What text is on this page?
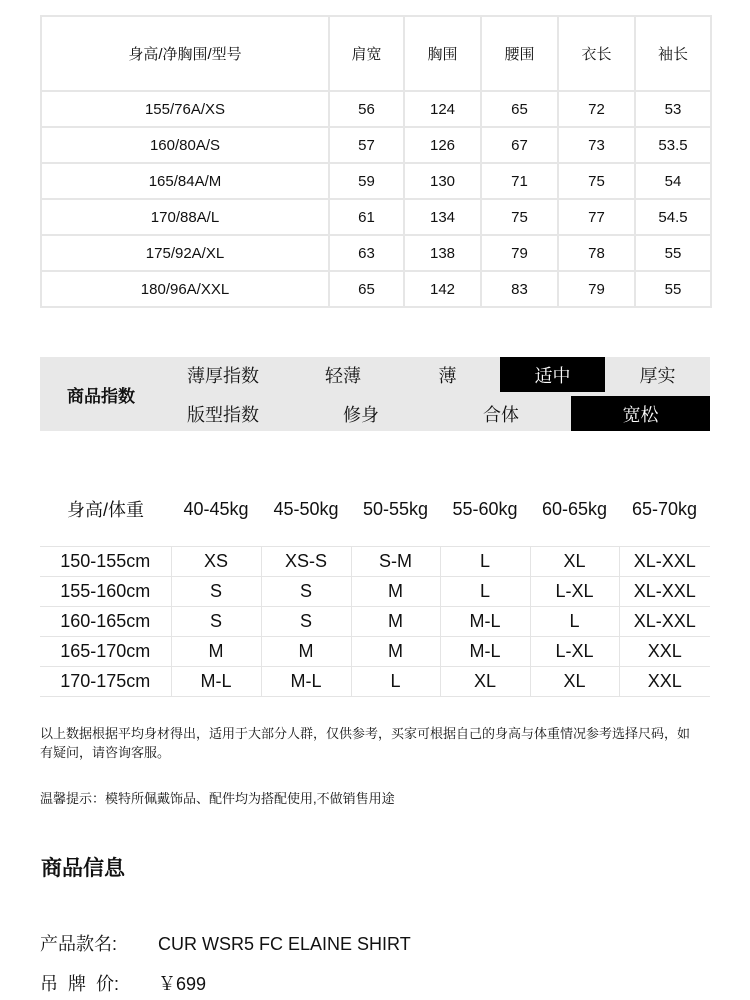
身高/净胸围/型号	肩宽	胸围	腰围	衣长	袖长
155/76A/XS	56	124	65	72	53
160/80A/S	57	126	67	73	53.5
165/84A/M	59	130	71	75	54
170/88A/L	61	134	75	77	54.5
175/92A/XL	63	138	79	78	55
180/96A/XXL	65	142	83	79	55
商品指数
薄厚指数	轻薄	薄	适中	厚实
版型指数	修身	合体	宽松
身高/体重	40-45kg	45-50kg	50-55kg	55-60kg	60-65kg	65-70kg
150-155cm	XS	XS-S	S-M	L	XL	XL-XXL
155-160cm	S	S	M	L	L-XL	XL-XXL
160-165cm	S	S	M	M-L	L	XL-XXL
165-170cm	M	M	M	M-L	L-XL	XXL
170-175cm	M-L	M-L	L	XL	XL	XXL
以上数据根据平均身材得出，适用于大部分人群，仅供参考，买家可根据自己的身高与体重情况参考选择尺码，如有疑问，请咨询客服。
温馨提示：模特所佩戴饰品、配件均为搭配使用,不做销售用途
商品信息
产品款名: CUR WSR5 FC ELAINE SHIRT
吊  牌  价: ￥699
